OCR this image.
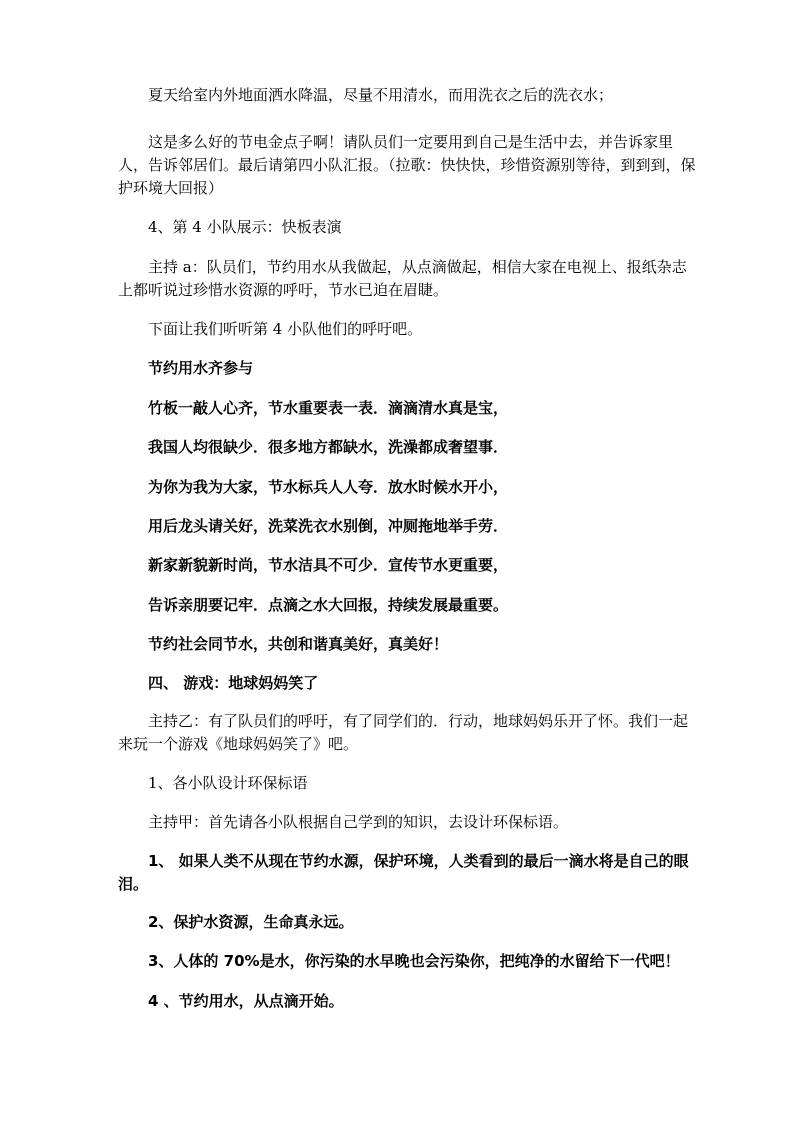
夏天给室内外地面洒水降温，尽量不用清水，而用洗衣之后的洗衣水；

这是多么好的节电金点子啊！请队员们一定要用到自己是生活中去，并告诉家里人，告诉邻居们。最后请第四小队汇报。（拉歌：快快快，珍惜资源别等待，到到到，保护环境大回报）

4、第 4 小队展示：快板表演

主持 a：队员们，节约用水从我做起，从点滴做起，相信大家在电视上、报纸杂志上都听说过珍惜水资源的呼吁，节水已迫在眉睫。

下面让我们听听第 4 小队他们的呼吁吧。

节约用水齐参与

竹板一敲人心齐，节水重要表一表．滴滴清水真是宝，

我国人均很缺少．很多地方都缺水，洗澡都成奢望事．

为你为我为大家，节水标兵人人夸．放水时候水开小，

用后龙头请关好，洗菜洗衣水别倒，冲厕拖地举手劳．

新家新貌新时尚，节水洁具不可少．宣传节水更重要，

告诉亲朋要记牢．点滴之水大回报，持续发展最重要。

节约社会同节水，共创和谐真美好，真美好！

四、 游戏：地球妈妈笑了

主持乙：有了队员们的呼吁，有了同学们的．行动，地球妈妈乐开了怀。我们一起来玩一个游戏《地球妈妈笑了》吧。

1、各小队设计环保标语

主持甲：首先请各小队根据自己学到的知识，去设计环保标语。

1、 如果人类不从现在节约水源，保护环境，人类看到的最后一滴水将是自己的眼泪。

2、保护水资源，生命真永远。

3、人体的 70%是水，你污染的水早晚也会污染你，把纯净的水留给下一代吧！

4 、节约用水，从点滴开始。
